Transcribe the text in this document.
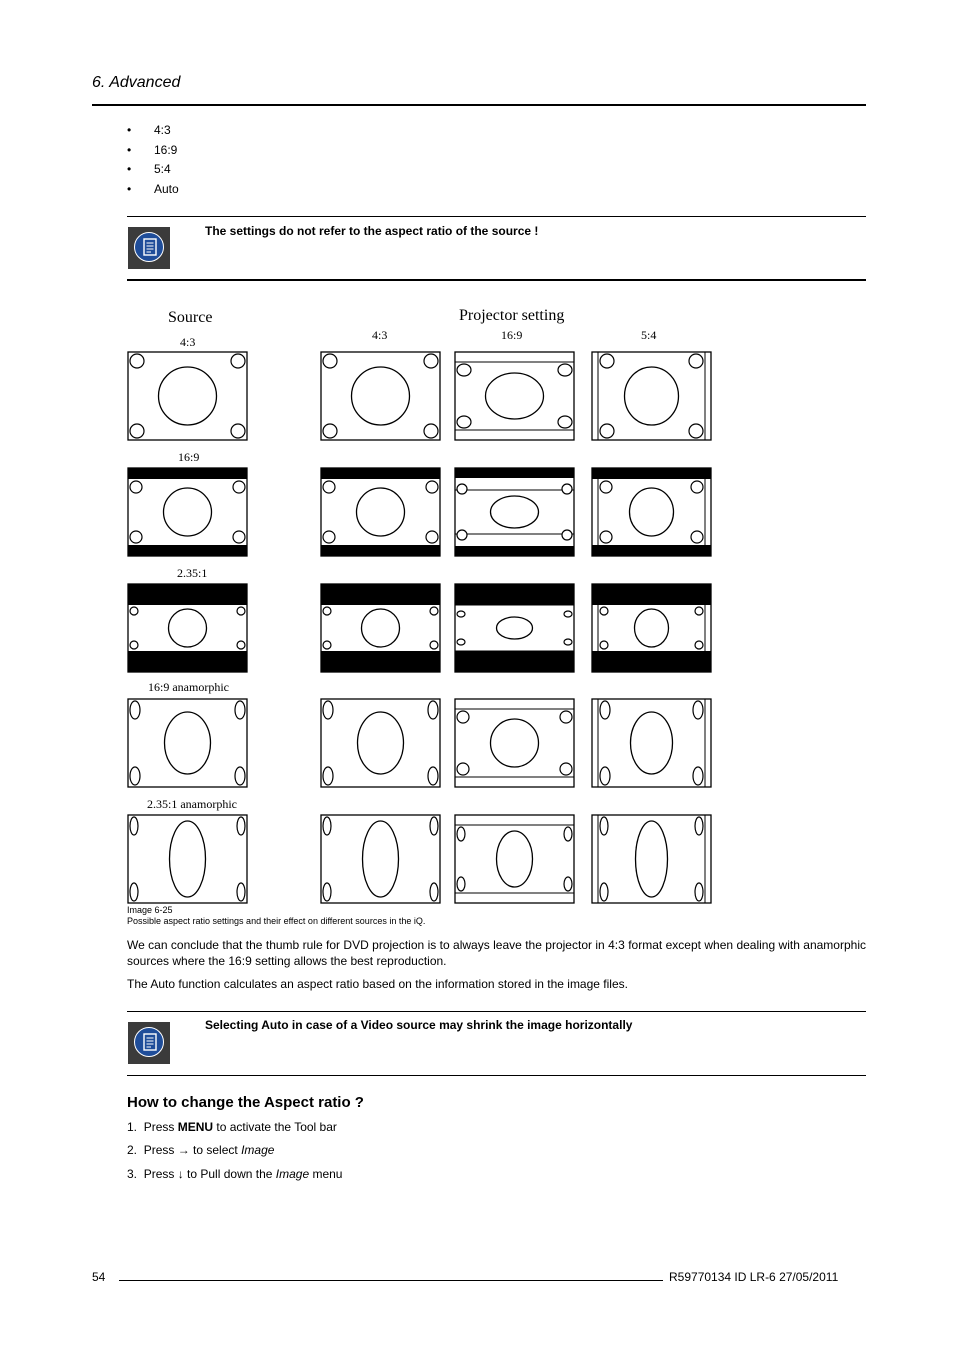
6. Advanced
• 4:3
• 16:9
• 5:4
• Auto
The settings do not refer to the aspect ratio of the source !
Source	Projector setting
4:3	16:9	5:4
4:3
16:9
2.35:1
16:9 anamorphic
2.35:1 anamorphic
Image 6-25
Possible aspect ratio settings and their effect on different sources in the iQ.
We can conclude that the thumb rule for DVD projection is to always leave the projector in 4:3 format except when dealing with anamorphic sources where the 16:9 setting allows the best reproduction.
The Auto function calculates an aspect ratio based on the information stored in the image files.
Selecting Auto in case of a Video source may shrink the image horizontally
How to change the Aspect ratio ?
1. Press MENU to activate the Tool bar
2. Press → to select Image
3. Press ↓ to Pull down the Image menu
54	R59770134 ID LR-6 27/05/2011
